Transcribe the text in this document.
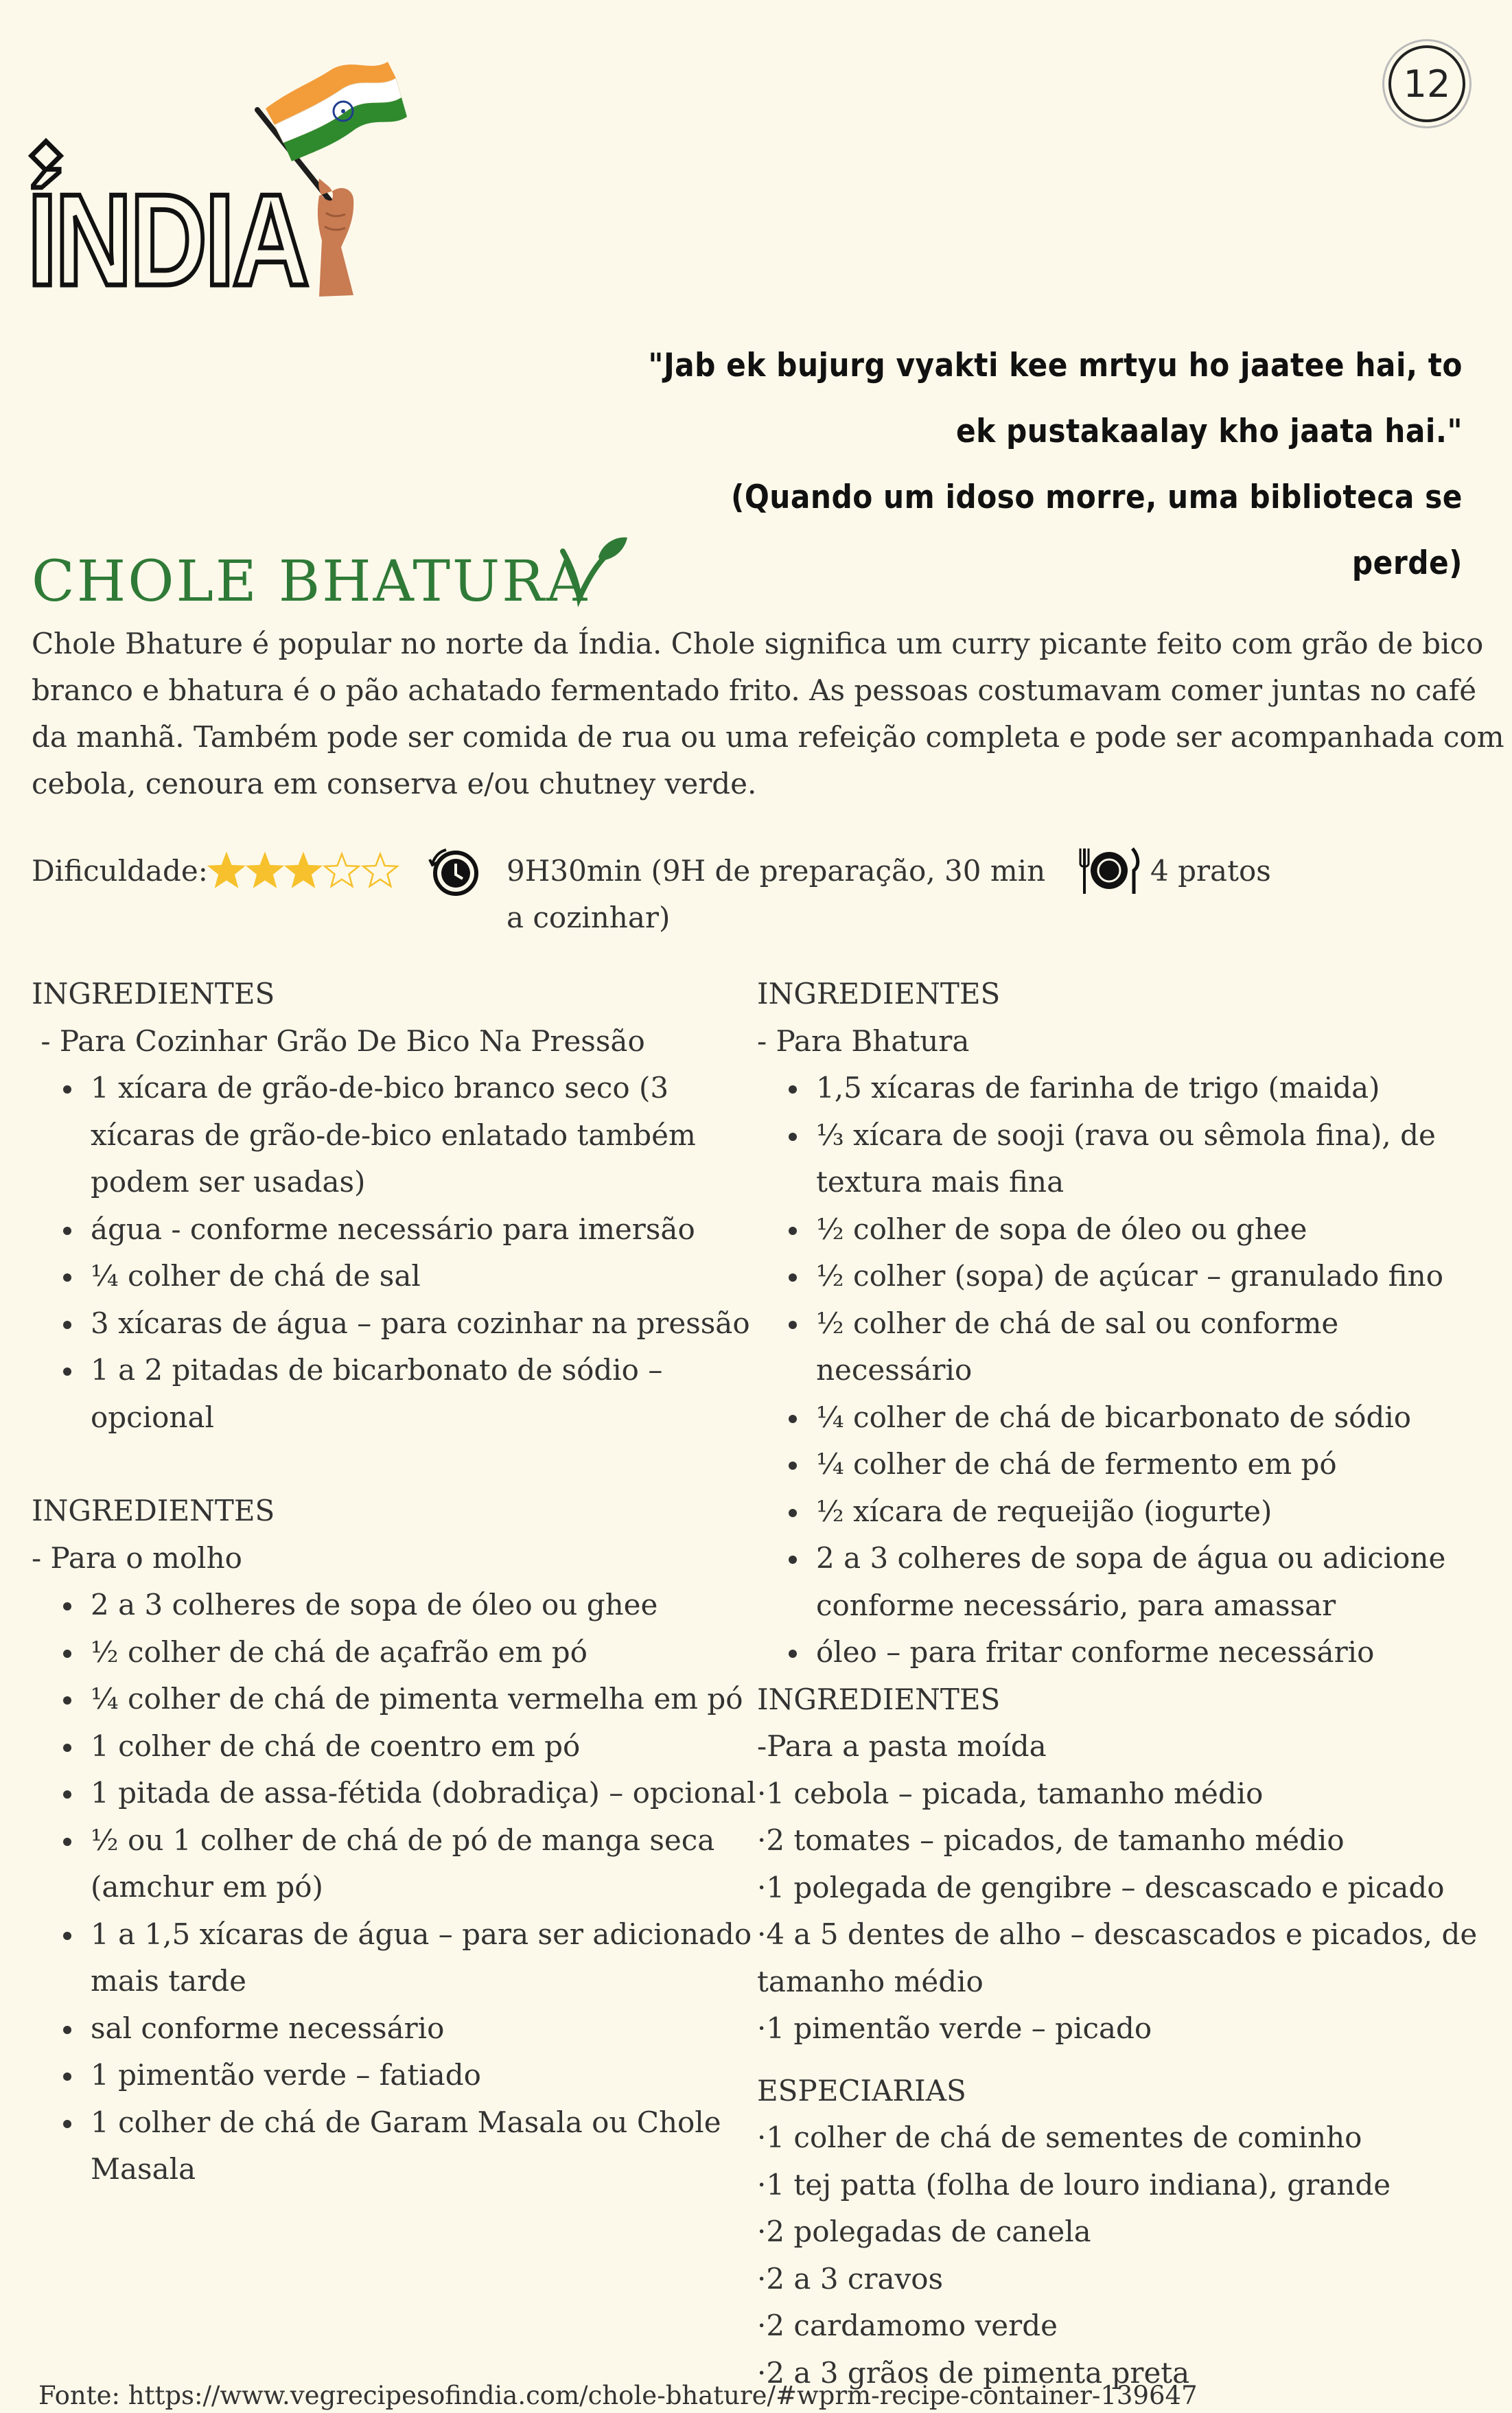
12
ÍNDIA
"Jab ek bujurg vyakti kee mrtyu ho jaatee hai, to ek pustakaalay kho jaata hai."
(Quando um idoso morre, uma biblioteca se perde)
CHOLE BHATURA
Chole Bhature é popular no norte da Índia. Chole significa um curry picante feito com grão de bico branco e bhatura é o pão achatado fermentado frito. As pessoas costumavam comer juntas no café da manhã. Também pode ser comida de rua ou uma refeição completa e pode ser acompanhada com cebola, cenoura em conserva e/ou chutney verde.
Dificuldade:	9H30min (9H de preparação, 30 min a cozinhar)
4 pratos
INGREDIENTES
- Para Cozinhar Grão De Bico Na Pressão
1 xícara de grão-de-bico branco seco (3 xícaras de grão-de-bico enlatado também podem ser usadas)
água - conforme necessário para imersão
¼ colher de chá de sal
3 xícaras de água – para cozinhar na pressão
1 a 2 pitadas de bicarbonato de sódio – opcional
INGREDIENTES
- Para o molho
2 a 3 colheres de sopa de óleo ou ghee
½ colher de chá de açafrão em pó
¼ colher de chá de pimenta vermelha em pó
1 colher de chá de coentro em pó
1 pitada de assa-fétida (dobradiça) – opcional
½ ou 1 colher de chá de pó de manga seca (amchur em pó)
1 a 1,5 xícaras de água – para ser adicionado mais tarde
sal conforme necessário
1 pimentão verde – fatiado
1 colher de chá de Garam Masala ou Chole Masala
INGREDIENTES
- Para Bhatura
1,5 xícaras de farinha de trigo (maida)
⅓ xícara de sooji (rava ou sêmola fina), de textura mais fina
½ colher de sopa de óleo ou ghee
½ colher (sopa) de açúcar – granulado fino
½ colher de chá de sal ou conforme necessário
¼ colher de chá de bicarbonato de sódio
¼ colher de chá de fermento em pó
½ xícara de requeijão (iogurte)
2 a 3 colheres de sopa de água ou adicione conforme necessário, para amassar
óleo – para fritar conforme necessário
INGREDIENTES
-Para a pasta moída
·1 cebola – picada, tamanho médio
·2 tomates – picados, de tamanho médio
·1 polegada de gengibre – descascado e picado
·4 a 5 dentes de alho – descascados e picados, de tamanho médio
·1 pimentão verde – picado
ESPECIARIAS
·1 colher de chá de sementes de cominho
·1 tej patta (folha de louro indiana), grande
·2 polegadas de canela
·2 a 3 cravos
·2 cardamomo verde
·2 a 3 grãos de pimenta preta
Fonte: https://www.vegrecipesofindia.com/chole-bhature/#wprm-recipe-container-139647
